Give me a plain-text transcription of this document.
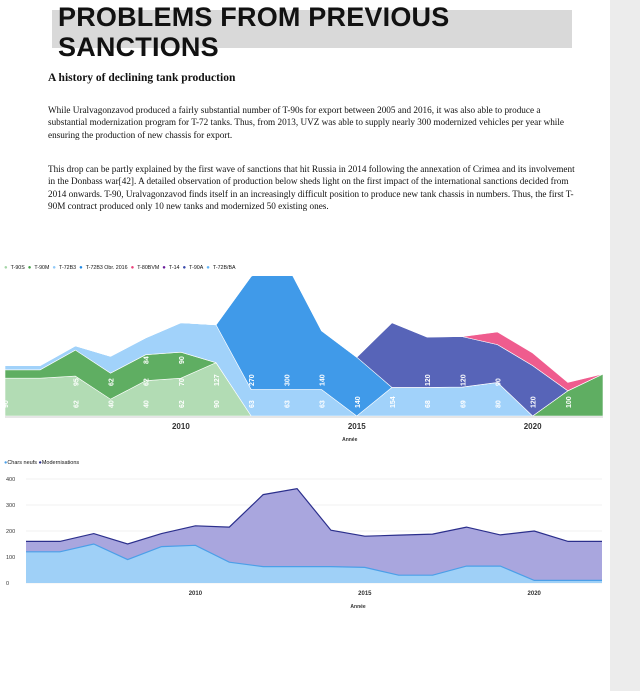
PROBLEMS FROM PREVIOUS SANCTIONS
A history of declining tank production

While Uralvagonzavod produced a fairly substantial number of T-90s for export between 2005 and 2016, it was also able to produce a substantial modernization program for T-72 tanks. Thus, from 2013, UVZ was able to supply nearly 300 modernized vehicles per year while ensuring the production of new chassis for export.

This drop can be partly explained by the first wave of sanctions that hit Russia in 2014 following the annexation of Crimea and its involvement in the Donbass war[42]. A detailed observation of production below sheds light on the first impact of the international sanctions decided from 2014 onwards. T-90, Uralvagonzavod finds itself in an increasingly difficult position to produce new tank chassis in numbers. Thus, the first T-90M contract produced only 10 new tanks and modernized 50 existing ones.

● T-90S ● T-90M ● T-72B3 ● T-72B3 Obr. 2016 ● T-80BVM ● T-14 ● T-90A ● T-72B/BA
90	62
95
40
62
40
62
84
62
70
90
90
127
63
270
63
300
63
140
140	154	68
120
69
120
80
90
120	100
2010	2015	2020
Année
●Chars neufs ●Modernisations
400
300
200
100
0
2010	2015	2020
Année
